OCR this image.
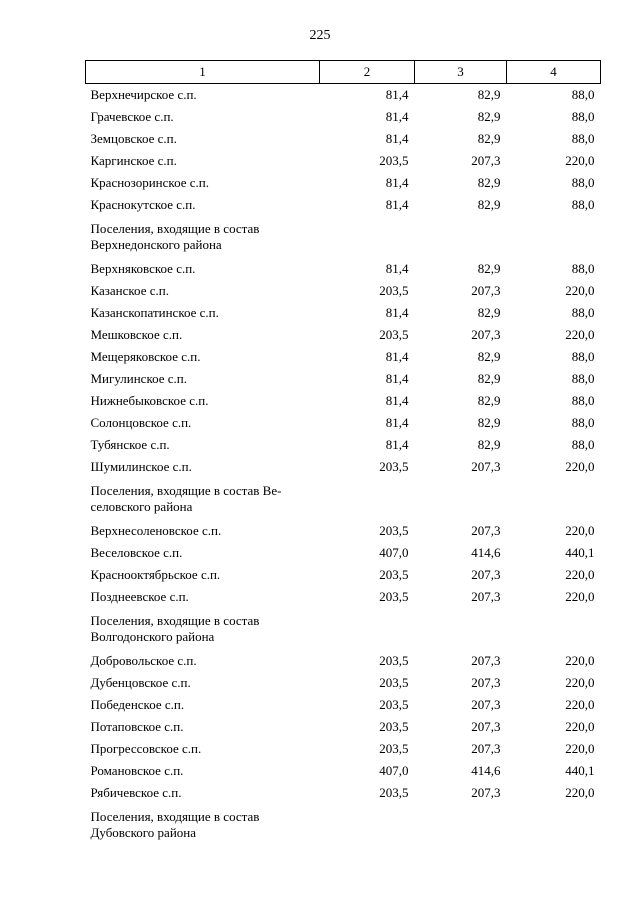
225
1	2	3	4
Верхнечирское с.п.	81,4	82,9	88,0
Грачевское с.п.	81,4	82,9	88,0
Земцовское с.п.	81,4	82,9	88,0
Каргинское с.п.	203,5	207,3	220,0
Краснозоринское с.п.	81,4	82,9	88,0
Краснокутское с.п.	81,4	82,9	88,0

Поселения, входящие в состав
Верхнедонского района			

Верхняковское с.п.	81,4	82,9	88,0
Казанское с.п.	203,5	207,3	220,0
Казанскопатинское с.п.	81,4	82,9	88,0
Мешковское с.п.	203,5	207,3	220,0
Мещеряковское с.п.	81,4	82,9	88,0
Мигулинское с.п.	81,4	82,9	88,0
Нижнебыковское с.п.	81,4	82,9	88,0
Солонцовское с.п.	81,4	82,9	88,0
Тубянское с.п.	81,4	82,9	88,0
Шумилинское с.п.	203,5	207,3	220,0

Поселения, входящие в состав Ве-
селовского района			

Верхнесоленовское с.п.	203,5	207,3	220,0
Веселовское с.п.	407,0	414,6	440,1
Краснооктябрьское с.п.	203,5	207,3	220,0
Позднеевское с.п.	203,5	207,3	220,0

Поселения, входящие в состав
Волгодонского района			

Добровольское с.п.	203,5	207,3	220,0
Дубенцовское с.п.	203,5	207,3	220,0
Победенское с.п.	203,5	207,3	220,0
Потаповское с.п.	203,5	207,3	220,0
Прогрессовское с.п.	203,5	207,3	220,0
Романовское с.п.	407,0	414,6	440,1
Рябичевское с.п.	203,5	207,3	220,0

Поселения, входящие в состав
Дубовского района			
